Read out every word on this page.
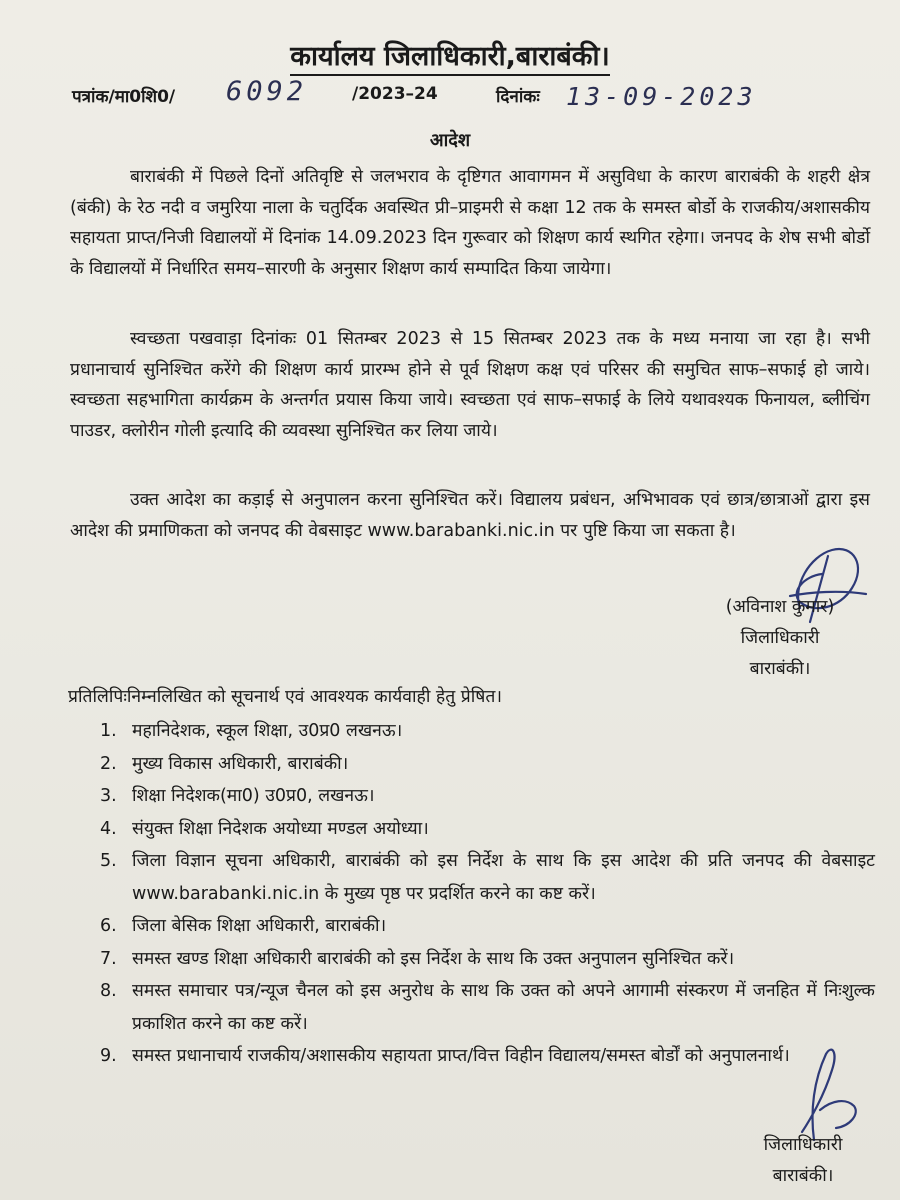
कार्यालय जिलाधिकारी,बाराबंकी।
पत्रांक/मा0शि0/ 6092	/2023–24	दिनांकः 13-09-2023
आदेश
बाराबंकी में पिछले दिनों अतिवृष्टि से जलभराव के दृष्टिगत आवागमन में असुविधा के कारण बाराबंकी के शहरी क्षेत्र (बंकी) के रेठ नदी व जमुरिया नाला के चतुर्दिक अवस्थित प्री–प्राइमरी से कक्षा 12 तक के समस्त बोर्डो के राजकीय/अशासकीय सहायता प्राप्त/निजी विद्यालयों में दिनांक 14.09.2023 दिन गुरूवार को शिक्षण कार्य स्थगित रहेगा। जनपद के शेष सभी बोर्डो के विद्यालयों में निर्धारित समय–सारणी के अनुसार शिक्षण कार्य सम्पादित किया जायेगा।
स्वच्छता पखवाड़ा दिनांकः 01 सितम्बर 2023 से 15 सितम्बर 2023 तक के मध्य मनाया जा रहा है। सभी प्रधानाचार्य सुनिश्चित करेंगे की शिक्षण कार्य प्रारम्भ होने से पूर्व शिक्षण कक्ष एवं परिसर की समुचित साफ–सफाई हो जाये। स्वच्छता सहभागिता कार्यक्रम के अन्तर्गत प्रयास किया जाये। स्वच्छता एवं साफ–सफाई के लिये यथावश्यक फिनायल, ब्लीचिंग पाउडर, क्लोरीन गोली इत्यादि की व्यवस्था सुनिश्चित कर लिया जाये।
उक्त आदेश का कड़ाई से अनुपालन करना सुनिश्चित करें। विद्यालय प्रबंधन, अभिभावक एवं छात्र/छात्राओं द्वारा इस आदेश की प्रमाणिकता को जनपद की वेबसाइट www.barabanki.nic.in पर पुष्टि किया जा सकता है।
(अविनाश कुमार)
जिलाधिकारी
बाराबंकी।
प्रतिलिपिःनिम्नलिखित को सूचनार्थ एवं आवश्यक कार्यवाही हेतु प्रेषित।
1. महानिदेशक, स्कूल शिक्षा, उ0प्र0 लखनऊ।
2. मुख्य विकास अधिकारी, बाराबंकी।
3. शिक्षा निदेशक(मा0) उ0प्र0, लखनऊ।
4. संयुक्त शिक्षा निदेशक अयोध्या मण्डल अयोध्या।
5. जिला विज्ञान सूचना अधिकारी, बाराबंकी को इस निर्देश के साथ कि इस आदेश की प्रति जनपद की वेबसाइट www.barabanki.nic.in के मुख्य पृष्ठ पर प्रदर्शित करने का कष्ट करें।
6. जिला बेसिक शिक्षा अधिकारी, बाराबंकी।
7. समस्त खण्ड शिक्षा अधिकारी बाराबंकी को इस निर्देश के साथ कि उक्त अनुपालन सुनिश्चित करें।
8. समस्त समाचार पत्र/न्यूज चैनल को इस अनुरोध के साथ कि उक्त को अपने आगामी संस्करण में जनहित में निःशुल्क प्रकाशित करने का कष्ट करें।
9. समस्त प्रधानाचार्य राजकीय/अशासकीय सहायता प्राप्त/वित्त विहीन विद्यालय/समस्त बोर्डों को अनुपालनार्थ।
जिलाधिकारी
बाराबंकी।
